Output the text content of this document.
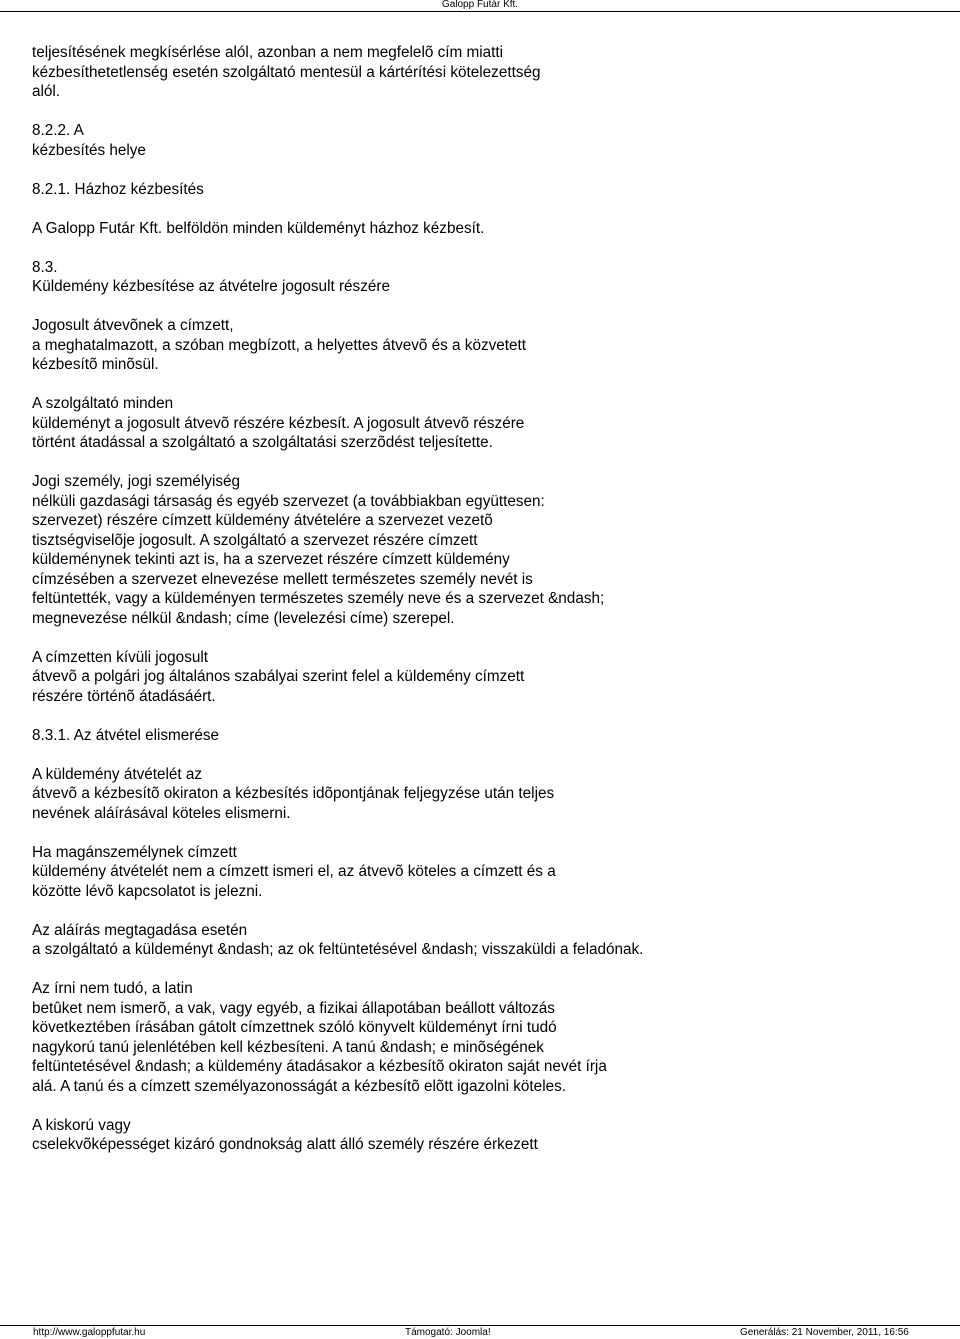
Galopp Futár Kft.
teljesítésének megkísérlése alól, azonban a nem megfelelõ cím miatti
kézbesíthetetlenség esetén szolgáltató mentesül a kártérítési kötelezettség
alól.
8.2.2. A
kézbesítés helye
8.2.1. Házhoz kézbesítés
A Galopp Futár Kft. belföldön minden küldeményt házhoz kézbesít.
8.3.
Küldemény kézbesítése az átvételre jogosult részére
Jogosult átvevõnek a címzett,
a meghatalmazott, a szóban megbízott, a helyettes átvevõ és a közvetett
kézbesítõ minõsül.
A szolgáltató minden
küldeményt a jogosult átvevõ részére kézbesít. A jogosult átvevõ részére
történt átadással a szolgáltató a szolgáltatási szerzõdést teljesítette.
Jogi személy, jogi személyiség
nélküli gazdasági társaság és egyéb szervezet (a továbbiakban együttesen:
szervezet) részére címzett küldemény átvételére a szervezet vezetõ
tisztségviselõje jogosult. A szolgáltató a szervezet részére címzett
küldeménynek tekinti azt is, ha a szervezet részére címzett küldemény
címzésében a szervezet elnevezése mellett természetes személy nevét is
feltüntették, vagy a küldeményen természetes személy neve és a szervezet &ndash;
megnevezése nélkül &ndash; címe (levelezési címe) szerepel.
A címzetten kívüli jogosult
átvevõ a polgári jog általános szabályai szerint felel a küldemény címzett
részére történõ átadásáért.
8.3.1. Az átvétel elismerése
A küldemény átvételét az
átvevõ a kézbesítõ okiraton a kézbesítés idõpontjának feljegyzése után teljes
nevének aláírásával köteles elismerni.
Ha magánszemélynek címzett
küldemény átvételét nem a címzett ismeri el, az átvevõ köteles a címzett és a
közötte lévõ kapcsolatot is jelezni.
Az aláírás megtagadása esetén
a szolgáltató a küldeményt &ndash; az ok feltüntetésével &ndash; visszaküldi a feladónak.
Az írni nem tudó, a latin
betûket nem ismerõ, a vak, vagy egyéb, a fizikai állapotában beállott változás
következtében írásában gátolt címzettnek szóló könyvelt küldeményt írni tudó
nagykorú tanú jelenlétében kell kézbesíteni. A tanú &ndash; e minõségének
feltüntetésével &ndash; a küldemény átadásakor a kézbesítõ okiraton saját nevét írja
alá. A tanú és a címzett személyazonosságát a kézbesítõ elõtt igazolni köteles.
A kiskorú vagy
cselekvõképességet kizáró gondnokság alatt álló személy részére érkezett
http://www.galoppfutar.hu	Támogató: Joomla!	Generálás: 21 November, 2011, 16:56
